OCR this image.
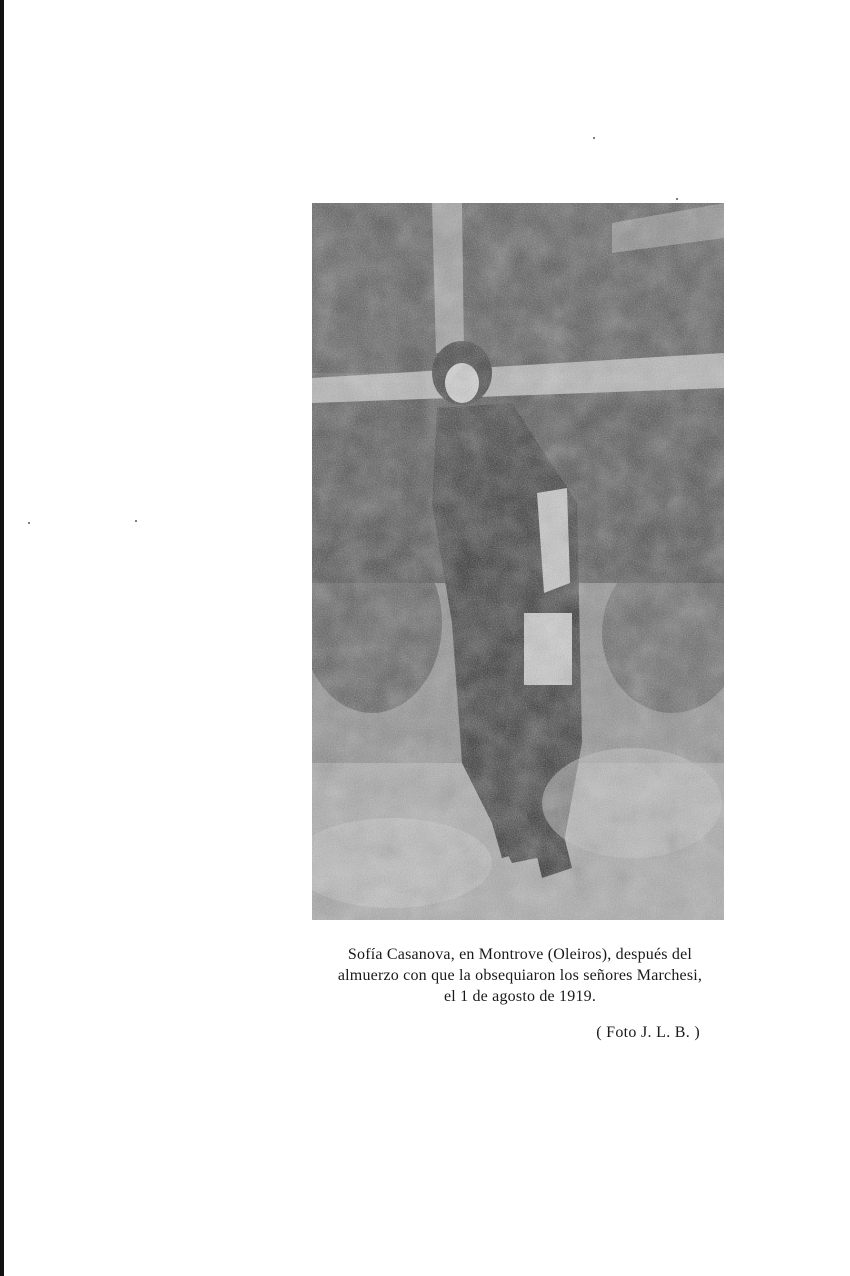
Sofía Casanova, en Montrove (Oleiros), después del
almuerzo con que la obsequiaron los señores Marchesi,
el 1 de agosto de 1919.
( Foto J. L. B. )
